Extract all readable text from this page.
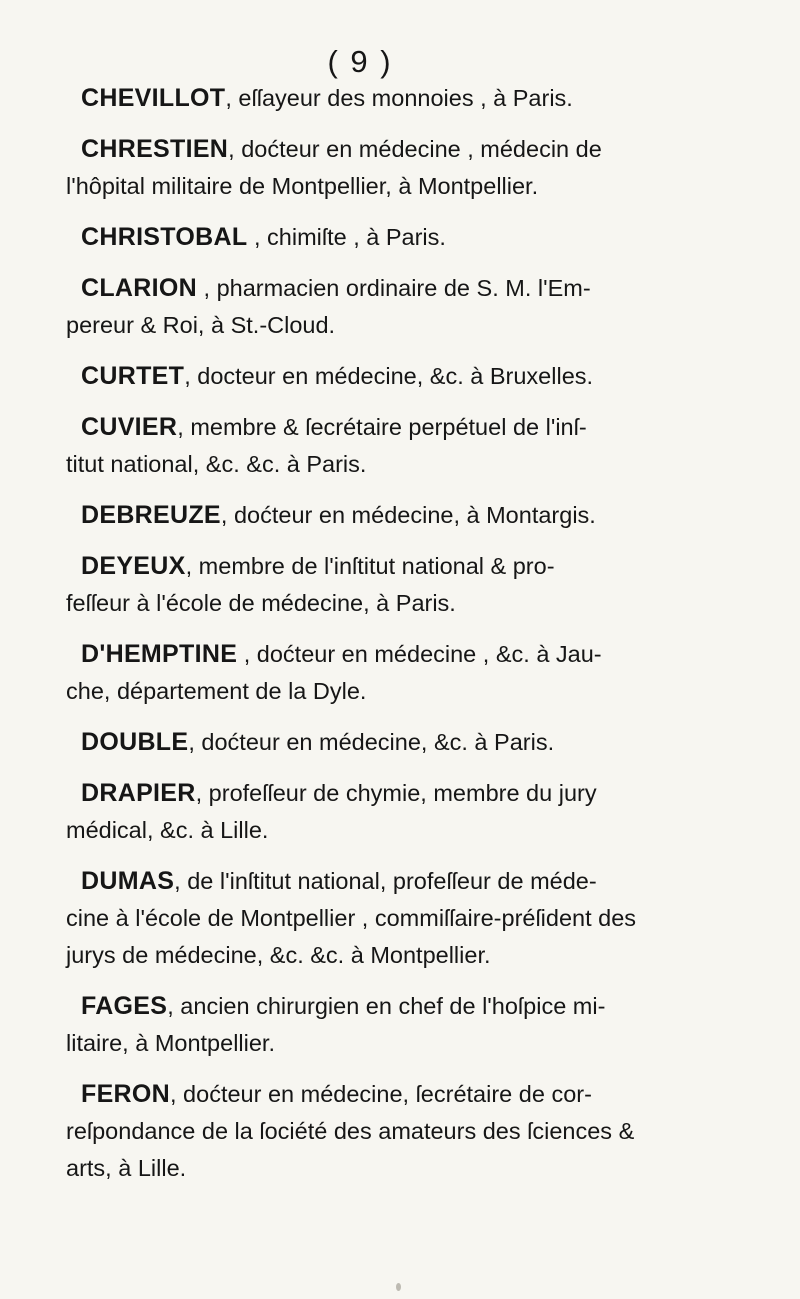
( 9 )
CHEVILLOT, eſſayeur des monnoies , à Paris.
CHRESTIEN, doćteur en médecine , médecin de
l'hôpital militaire de Montpellier, à Montpellier.
CHRISTOBAL , chimiſte , à Paris.
CLARION , pharmacien ordinaire de S. M. l'Em-
pereur & Roi, à St.-Cloud.
CURTET, docteur en médecine, &c. à Bruxelles.
CUVIER, membre & ſecrétaire perpétuel de l'inſ-
titut national, &c. &c. à Paris.
DEBREUZE, doćteur en médecine, à Montargis.
DEYEUX, membre de l'inſtitut national & pro-
feſſeur à l'école de médecine, à Paris.
D'HEMPTINE , doćteur en médecine , &c. à Jau-
che, département de la Dyle.
DOUBLE, doćteur en médecine, &c. à Paris.
DRAPIER, profeſſeur de chymie, membre du jury
médical, &c. à Lille.
DUMAS, de l'inſtitut national, profeſſeur de méde-
cine à l'école de Montpellier , commiſſaire-préſident des
jurys de médecine, &c. &c. à Montpellier.
FAGES, ancien chirurgien en chef de l'hoſpice mi-
litaire, à Montpellier.
FERON, doćteur en médecine, ſecrétaire de cor-
reſpondance de la ſociété des amateurs des ſciences &
arts, à Lille.
